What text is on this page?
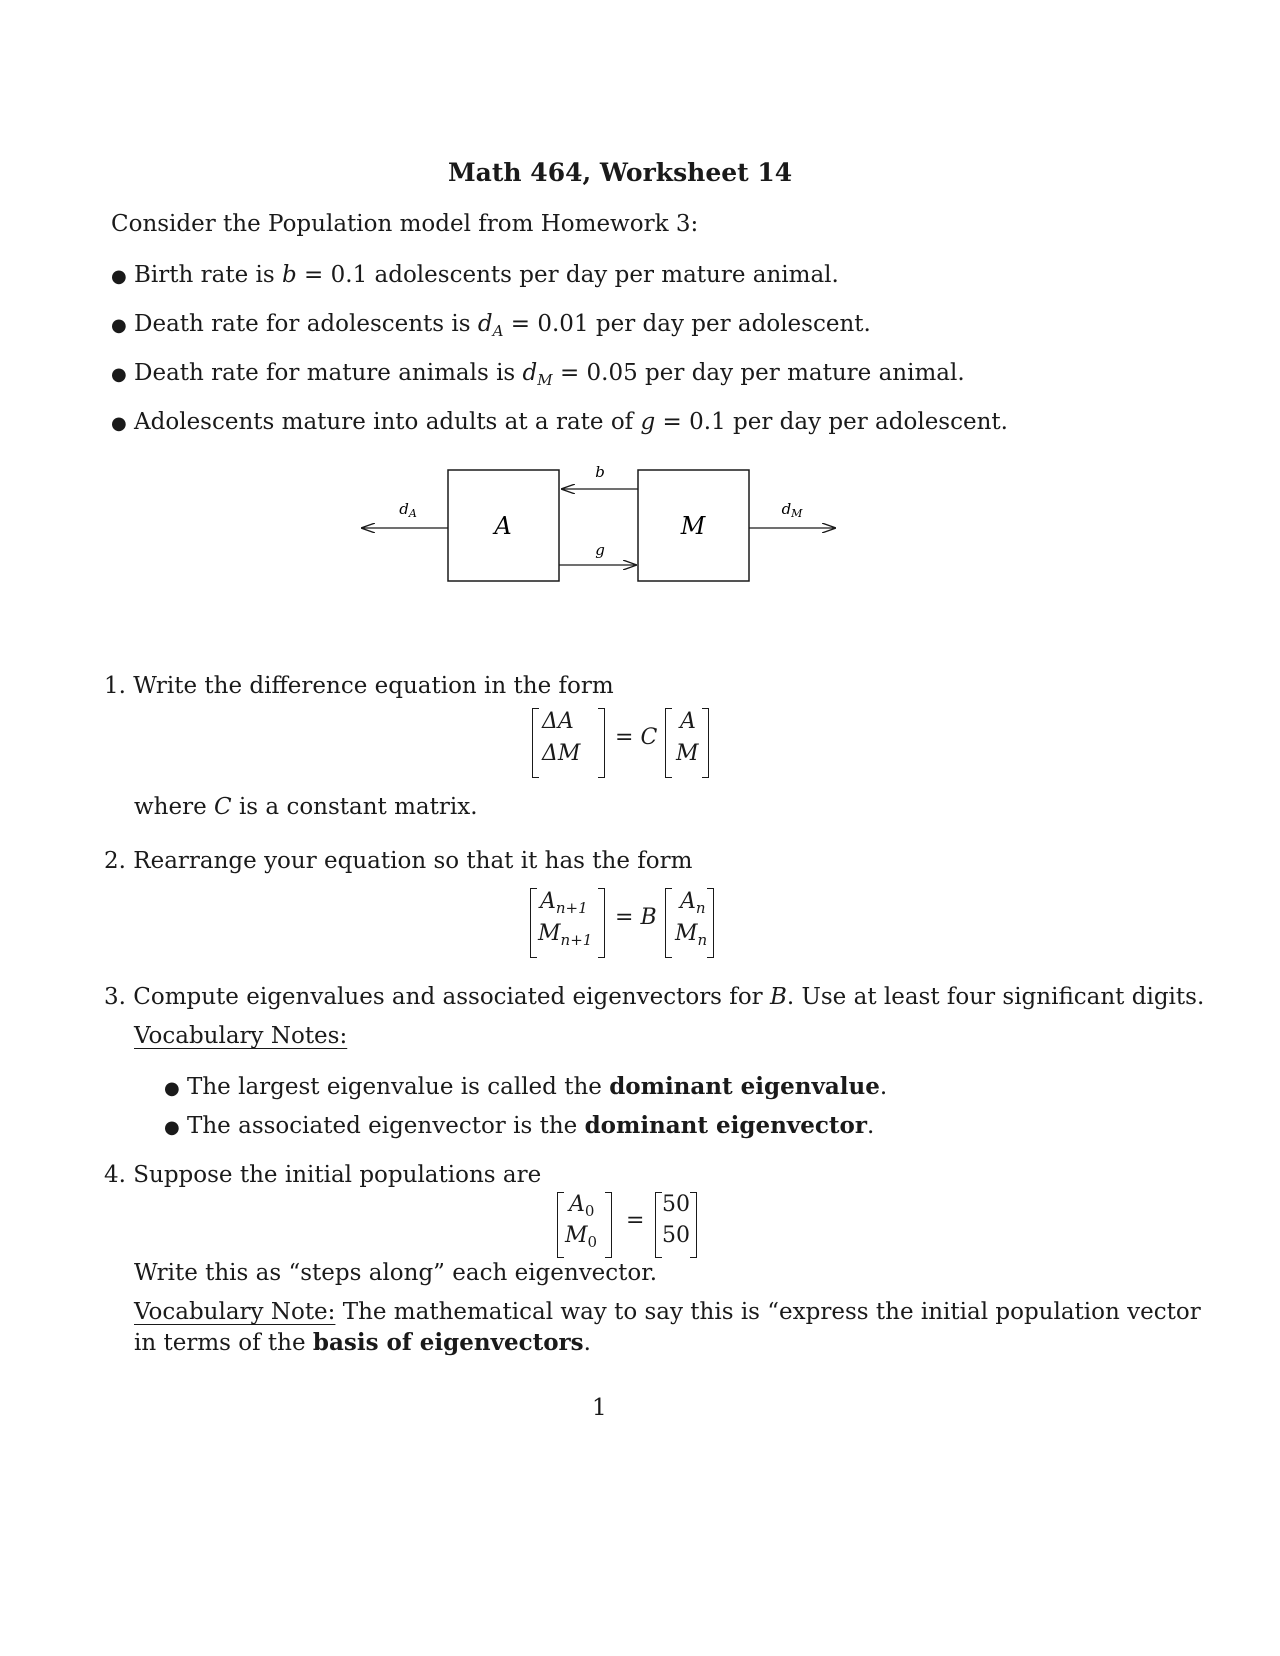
Math 464, Worksheet 14
Consider the Population model from Homework 3:
● Birth rate is b = 0.1 adolescents per day per mature animal.
● Death rate for adolescents is $d_A = 0.01$ per day per adolescent.
● Death rate for mature animals is $d_M = 0.05$ per day per mature animal.
● Adolescents mature into adults at a rate of g = 0.1 per day per adolescent.
A	M
b
g
$d_A$	$d_M$
1. Write the difference equation in the form
ΔA
ΔM
= C
A
M
where C is a constant matrix.
2. Rearrange your equation so that it has the form
$A_{n+1}$
$M_{n+1}$
= B
$A_n$
$M_n$
3. Compute eigenvalues and associated eigenvectors for B. Use at least four significant digits.
Vocabulary Notes:
● The largest eigenvalue is called the dominant eigenvalue.
● The associated eigenvector is the dominant eigenvector.
4. Suppose the initial populations are
$A_0$
$M_0$
=
50
50
Write this as “steps along” each eigenvector.
Vocabulary Note: The mathematical way to say this is “express the initial population vector
in terms of the basis of eigenvectors.
1
